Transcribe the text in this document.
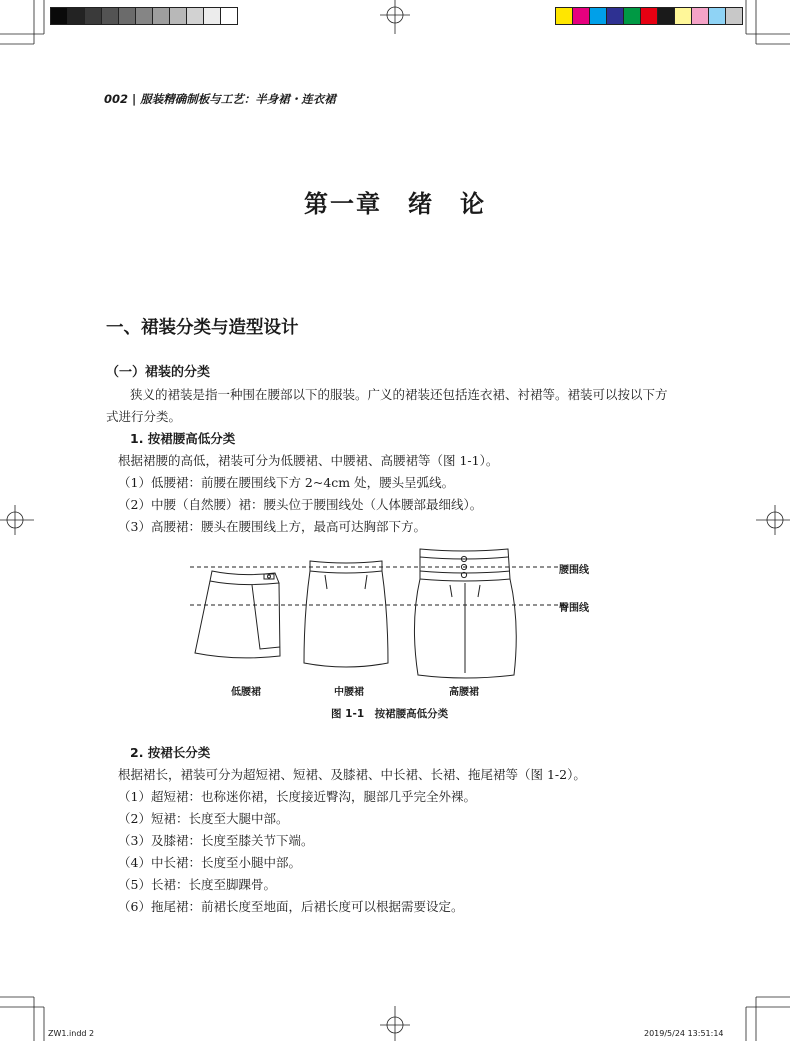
002 | 服装精确制板与工艺：半身裙・连衣裙
第一章　绪　论
一、裙装分类与造型设计
（一）裙装的分类
狭义的裙装是指一种围在腰部以下的服装。广义的裙装还包括连衣裙、衬裙等。裙装可以按以下方
式进行分类。
1. 按裙腰高低分类
根据裙腰的高低，裙装可分为低腰裙、中腰裙、高腰裙等（图 1-1）。
（1）低腰裙：前腰在腰围线下方 2~4cm 处，腰头呈弧线。
（2）中腰（自然腰）裙：腰头位于腰围线处（人体腰部最细线）。
（3）高腰裙：腰头在腰围线上方，最高可达胸部下方。
腰围线
臀围线
低腰裙	中腰裙	高腰裙
图 1-1　按裙腰高低分类
2. 按裙长分类
根据裙长，裙装可分为超短裙、短裙、及膝裙、中长裙、长裙、拖尾裙等（图 1-2）。
（1）超短裙：也称迷你裙，长度接近臀沟，腿部几乎完全外裸。
（2）短裙：长度至大腿中部。
（3）及膝裙：长度至膝关节下端。
（4）中长裙：长度至小腿中部。
（5）长裙：长度至脚踝骨。
（6）拖尾裙：前裙长度至地面，后裙长度可以根据需要设定。
ZW1.indd 2	2019/5/24 13:51:14
